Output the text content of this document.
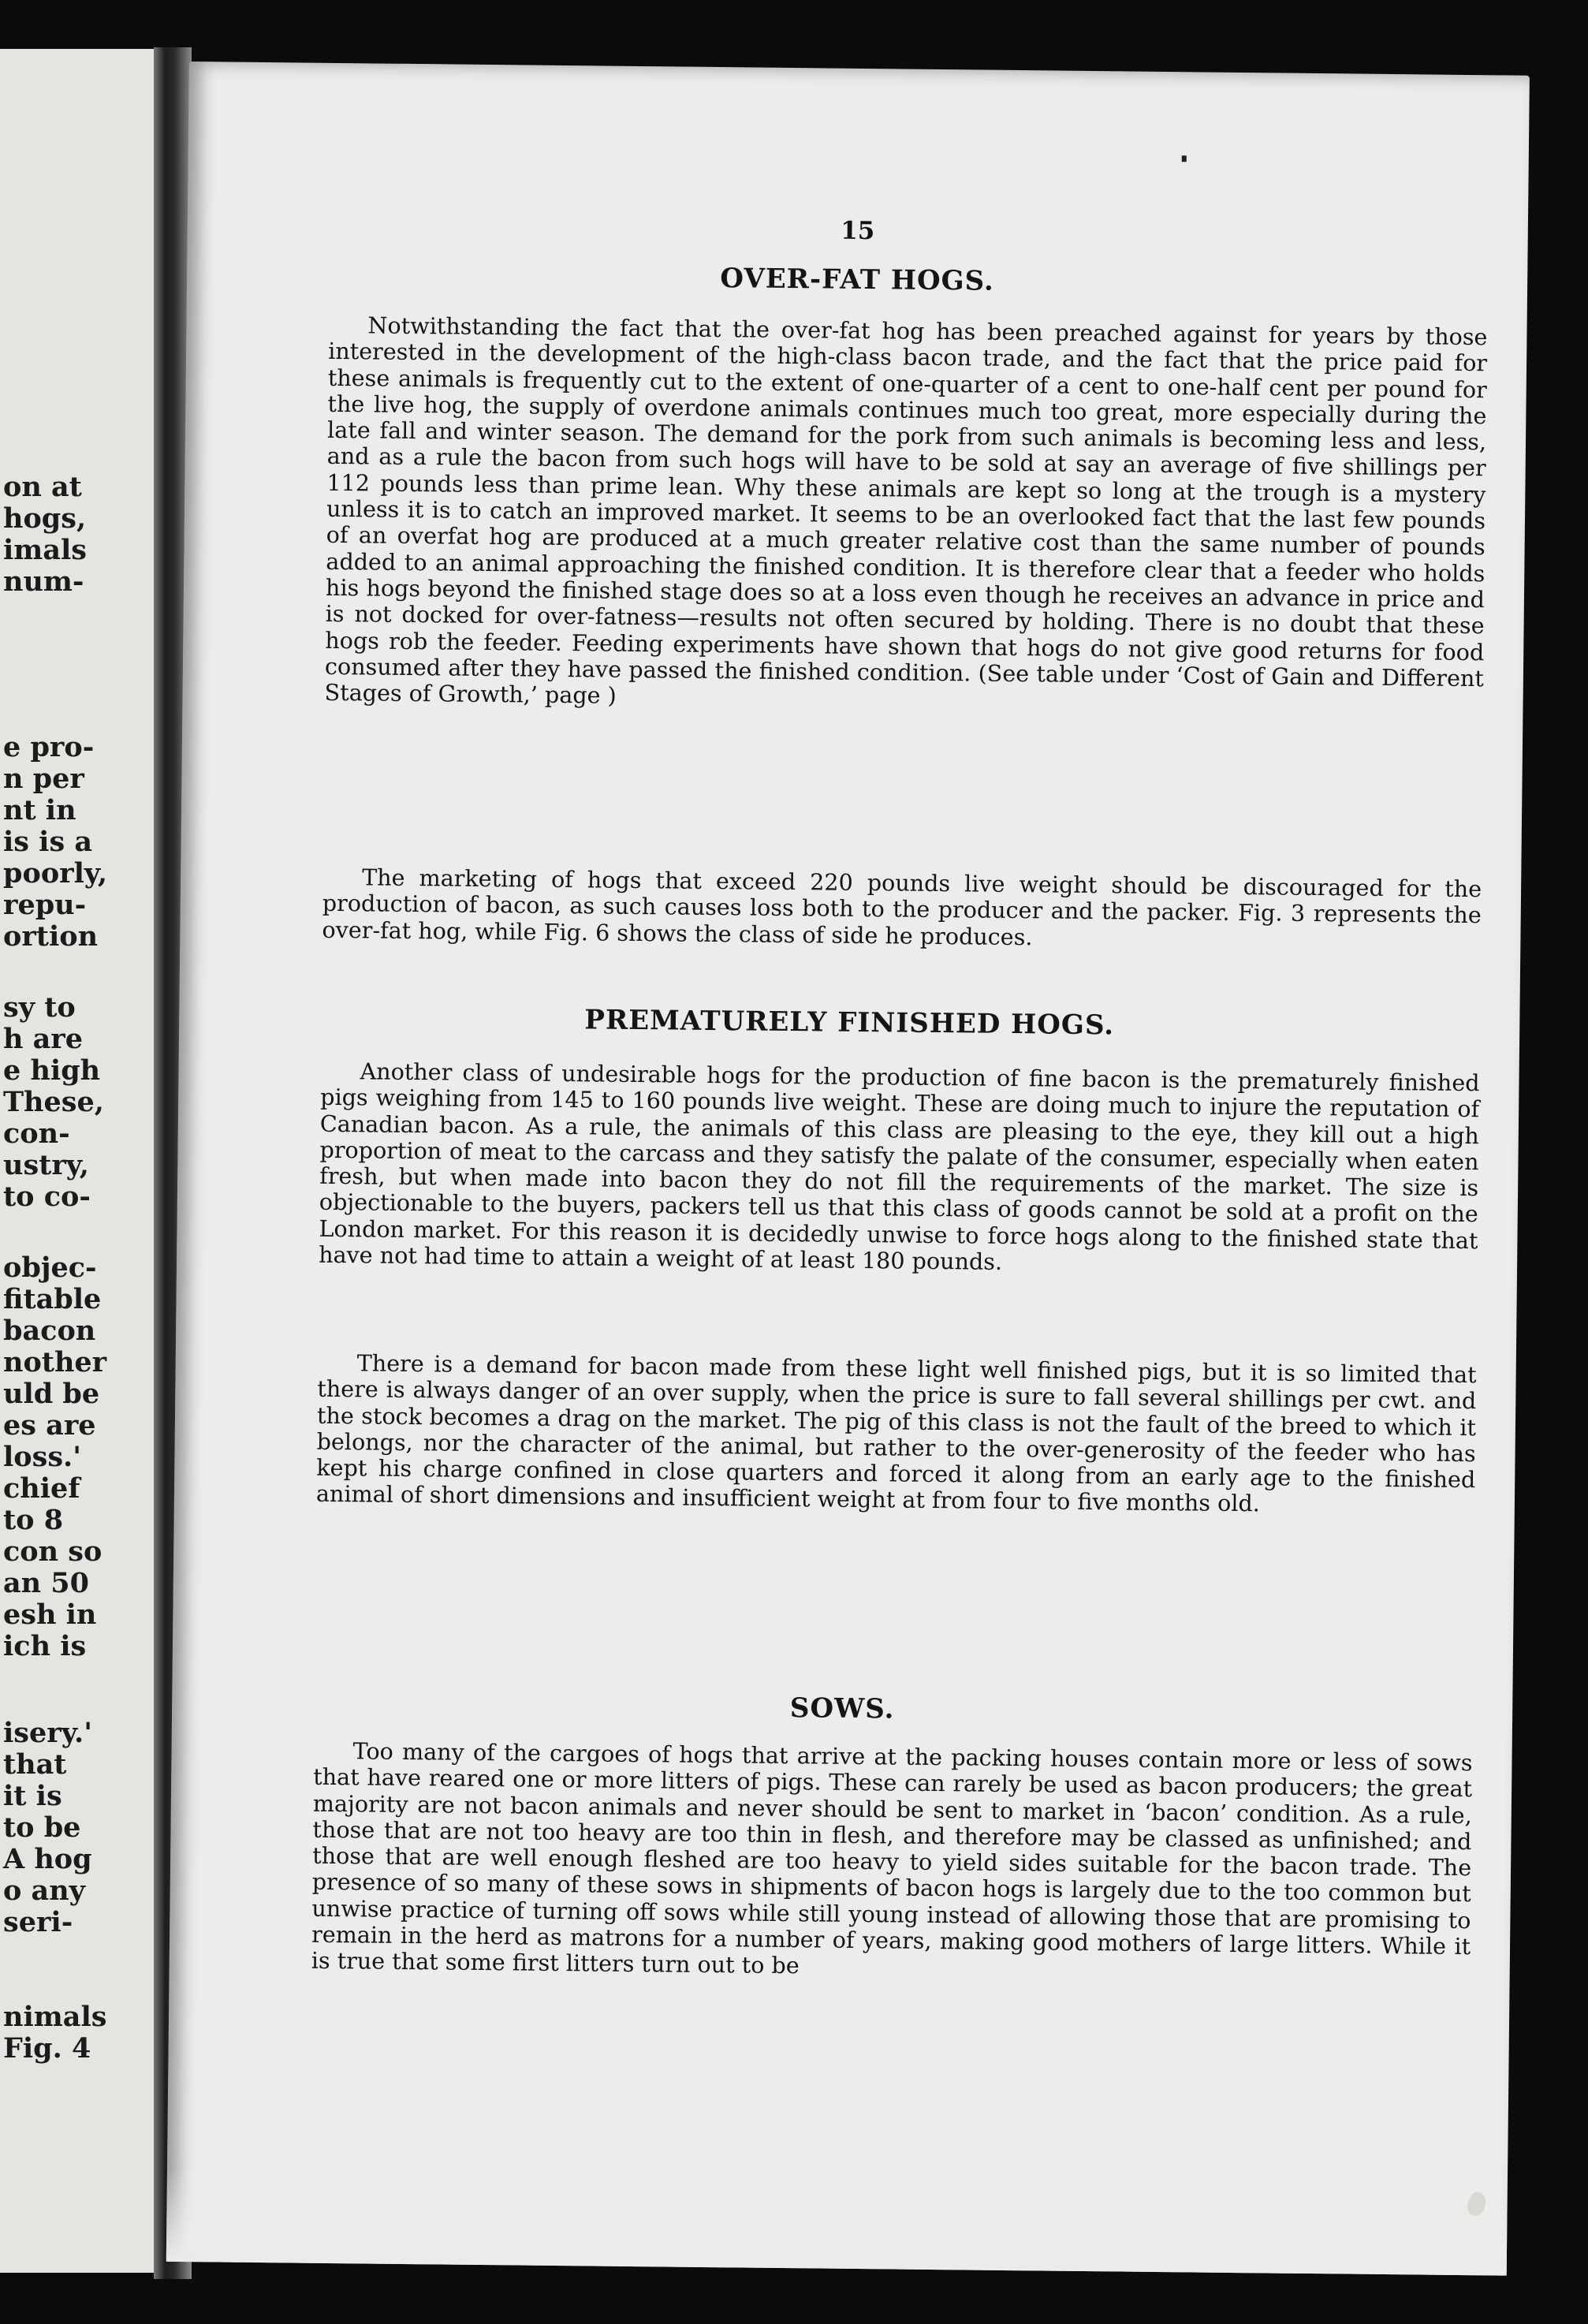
on at
hogs,
imals
num-
e pro-
n per
nt in
is is a
poorly,
repu-
ortion
sy to
h are
e high
These,
con-
ustry,
to co-
objec-
fitable
bacon
nother
uld be
es are
loss.'
chief
to 8
con so
an 50
esh in
ich is
isery.'
that
it is
to be
A hog
o any
seri-
nimals
Fig. 4
15
OVER-FAT HOGS.

Notwithstanding the fact that the over-fat hog has been preached against for years by those interested in the development of the high-class bacon trade, and the fact that the price paid for these animals is frequently cut to the extent of one-quarter of a cent to one-half cent per pound for the live hog, the supply of overdone animals continues much too great, more especially during the late fall and winter season. The demand for the pork from such animals is becoming less and less, and as a rule the bacon from such hogs will have to be sold at say an average of five shillings per 112 pounds less than prime lean. Why these animals are kept so long at the trough is a mystery unless it is to catch an improved market. It seems to be an overlooked fact that the last few pounds of an overfat hog are produced at a much greater relative cost than the same number of pounds added to an animal approaching the finished condition. It is therefore clear that a feeder who holds his hogs beyond the finished stage does so at a loss even though he receives an advance in price and is not docked for over-fatness—results not often secured by holding. There is no doubt that these hogs rob the feeder. Feeding experiments have shown that hogs do not give good returns for food consumed after they have passed the finished condition. (See table under ‘Cost of Gain and Different Stages of Growth,’ page )

The marketing of hogs that exceed 220 pounds live weight should be discouraged for the production of bacon, as such causes loss both to the producer and the packer. Fig. 3 represents the over-fat hog, while Fig. 6 shows the class of side he produces.

PREMATURELY FINISHED HOGS.

Another class of undesirable hogs for the production of fine bacon is the prematurely finished pigs weighing from 145 to 160 pounds live weight. These are doing much to injure the reputation of Canadian bacon. As a rule, the animals of this class are pleasing to the eye, they kill out a high proportion of meat to the carcass and they satisfy the palate of the consumer, especially when eaten fresh, but when made into bacon they do not fill the requirements of the market. The size is objectionable to the buyers, packers tell us that this class of goods cannot be sold at a profit on the London market. For this reason it is decidedly unwise to force hogs along to the finished state that have not had time to attain a weight of at least 180 pounds.

There is a demand for bacon made from these light well finished pigs, but it is so limited that there is always danger of an over supply, when the price is sure to fall several shillings per cwt. and the stock becomes a drag on the market. The pig of this class is not the fault of the breed to which it belongs, nor the character of the animal, but rather to the over-generosity of the feeder who has kept his charge confined in close quarters and forced it along from an early age to the finished animal of short dimensions and insufficient weight at from four to five months old.

SOWS.

Too many of the cargoes of hogs that arrive at the packing houses contain more or less of sows that have reared one or more litters of pigs. These can rarely be used as bacon producers; the great majority are not bacon animals and never should be sent to market in ‘bacon’ condition. As a rule, those that are not too heavy are too thin in flesh, and therefore may be classed as unfinished; and those that are well enough fleshed are too heavy to yield sides suitable for the bacon trade. The presence of so many of these sows in shipments of bacon hogs is largely due to the too common but unwise practice of turning off sows while still young instead of allowing those that are promising to remain in the herd as matrons for a number of years, making good mothers of large litters. While it is true that some first litters turn out to be
